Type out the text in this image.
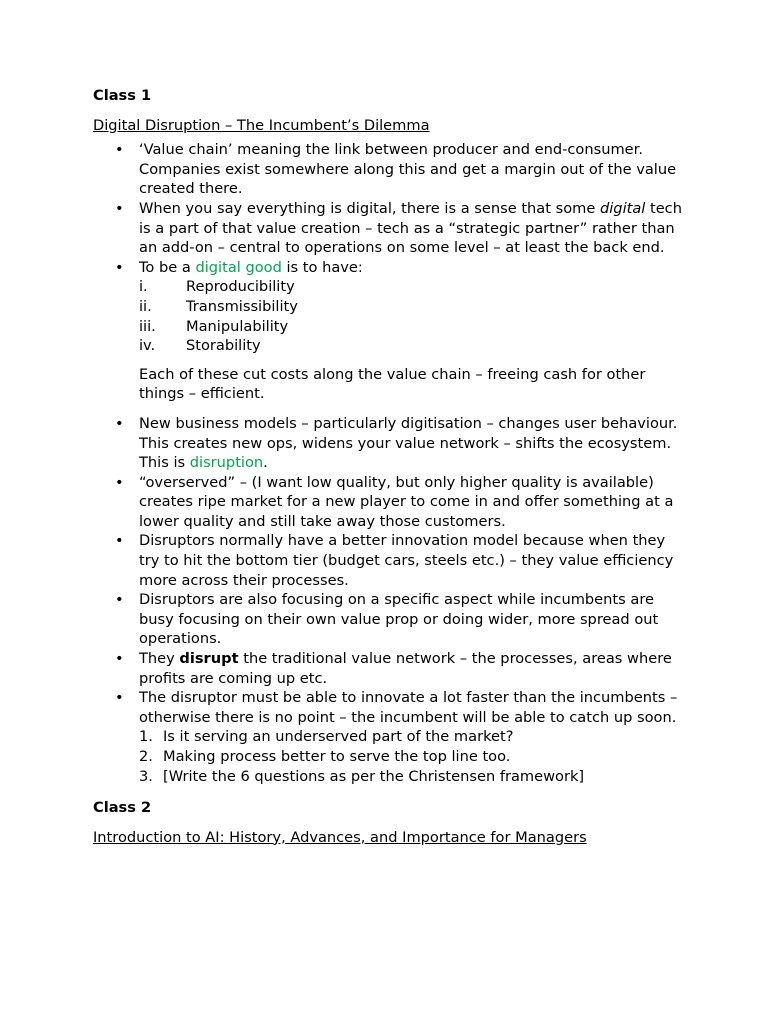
Class 1

Digital Disruption – The Incumbent’s Dilemma

• ‘Value chain’ meaning the link between producer and end-consumer. Companies exist somewhere along this and get a margin out of the value created there.
• When you say everything is digital, there is a sense that some digital tech is a part of that value creation – tech as a “strategic partner” rather than an add-on – central to operations on some level – at least the back end.
• To be a digital good is to have:
i.	Reproducibility
ii. Transmissibility
iii. Manipulability
iv. Storability

Each of these cut costs along the value chain – freeing cash for other things – efficient.

• New business models – particularly digitisation – changes user behaviour. This creates new ops, widens your value network – shifts the ecosystem. This is disruption.
• “overserved” – (I want low quality, but only higher quality is available) creates ripe market for a new player to come in and offer something at a lower quality and still take away those customers.
• Disruptors normally have a better innovation model because when they try to hit the bottom tier (budget cars, steels etc.) – they value efficiency more across their processes.
• Disruptors are also focusing on a specific aspect while incumbents are busy focusing on their own value prop or doing wider, more spread out operations.
• They disrupt the traditional value network – the processes, areas where profits are coming up etc.
• The disruptor must be able to innovate a lot faster than the incumbents – otherwise there is no point – the incumbent will be able to catch up soon.
1. Is it serving an underserved part of the market?
2. Making process better to serve the top line too.
3. [Write the 6 questions as per the Christensen framework]

Class 2

Introduction to AI: History, Advances, and Importance for Managers
